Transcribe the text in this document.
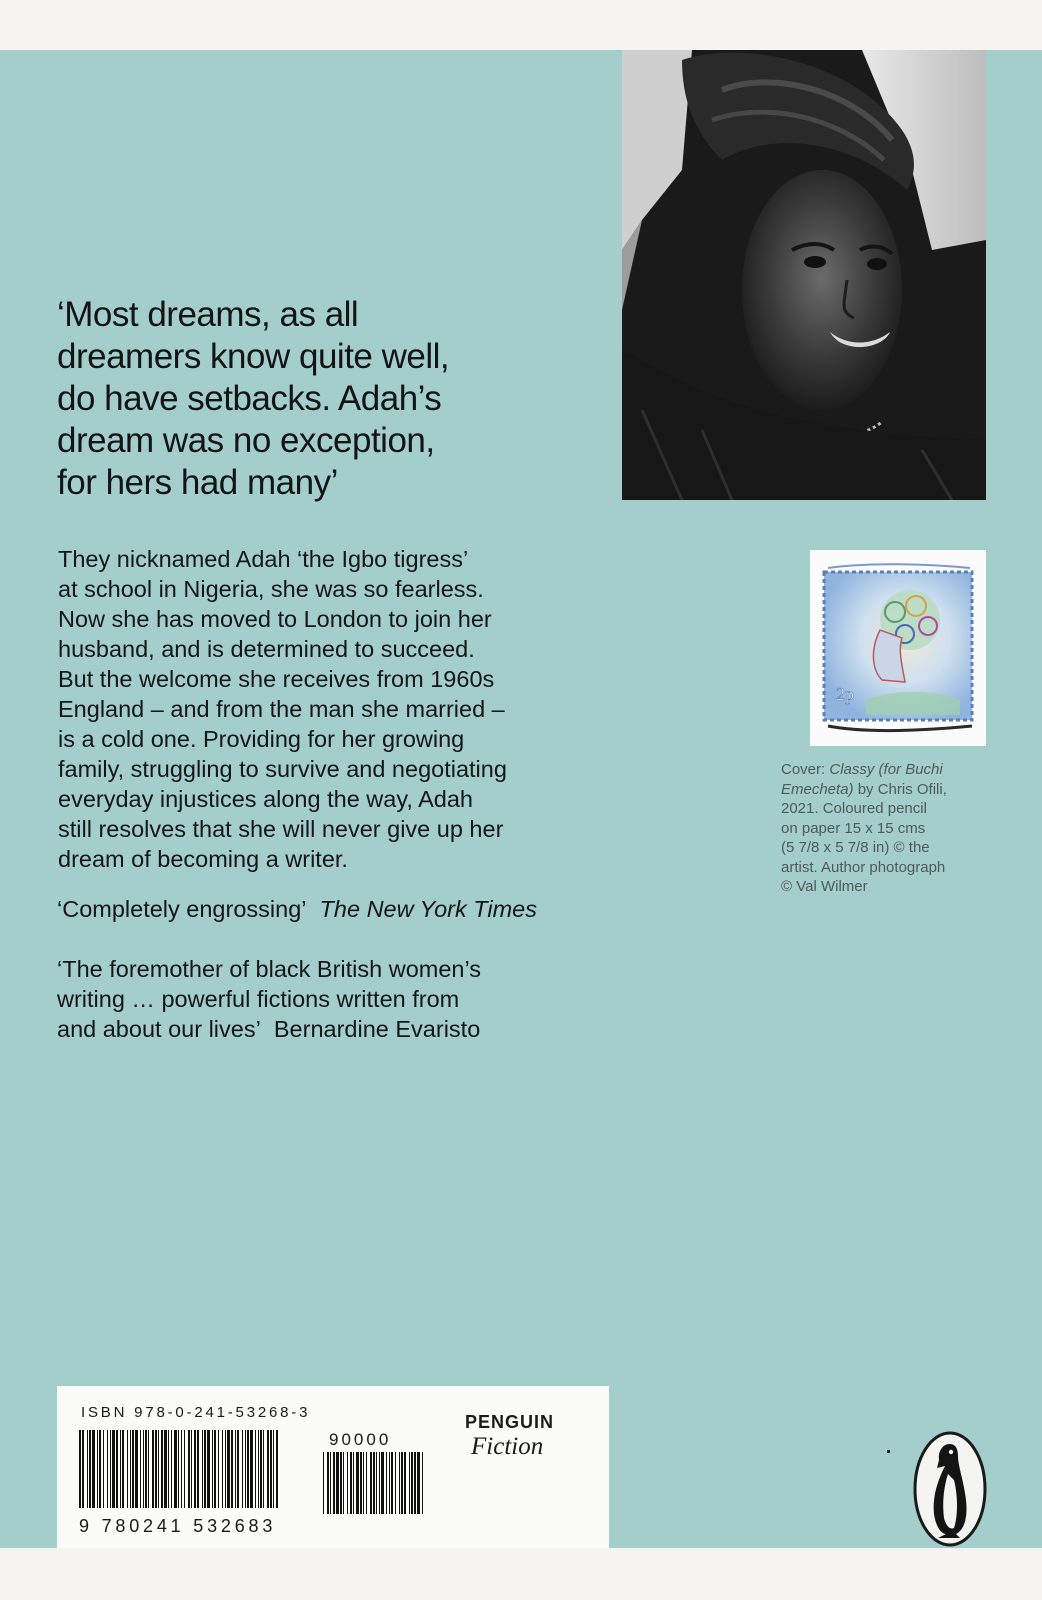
‘Most dreams, as all
dreamers know quite well,
do have setbacks. Adah’s
dream was no exception,
for hers had many’
They nicknamed Adah ‘the Igbo tigress’
at school in Nigeria, she was so fearless.
Now she has moved to London to join her
husband, and is determined to succeed.
But the welcome she receives from 1960s
England – and from the man she married –
is a cold one. Providing for her growing
family, struggling to survive and negotiating
everyday injustices along the way, Adah
still resolves that she will never give up her
dream of becoming a writer.
‘Completely engrossing’ The New York Times
‘The foremother of black British women’s
writing … powerful fictions written from
and about our lives’ Bernardine Evaristo
2p
Cover: Classy (for Buchi Emecheta) by Chris Ofili,
2021. Coloured pencil
on paper 15 x 15 cms
(5 7/8 x 5 7/8 in) © the
artist. Author photograph
© Val Wilmer
ISBN 978-0-241-53268-3
90000
9 780241 532683
PENGUIN
Fiction
